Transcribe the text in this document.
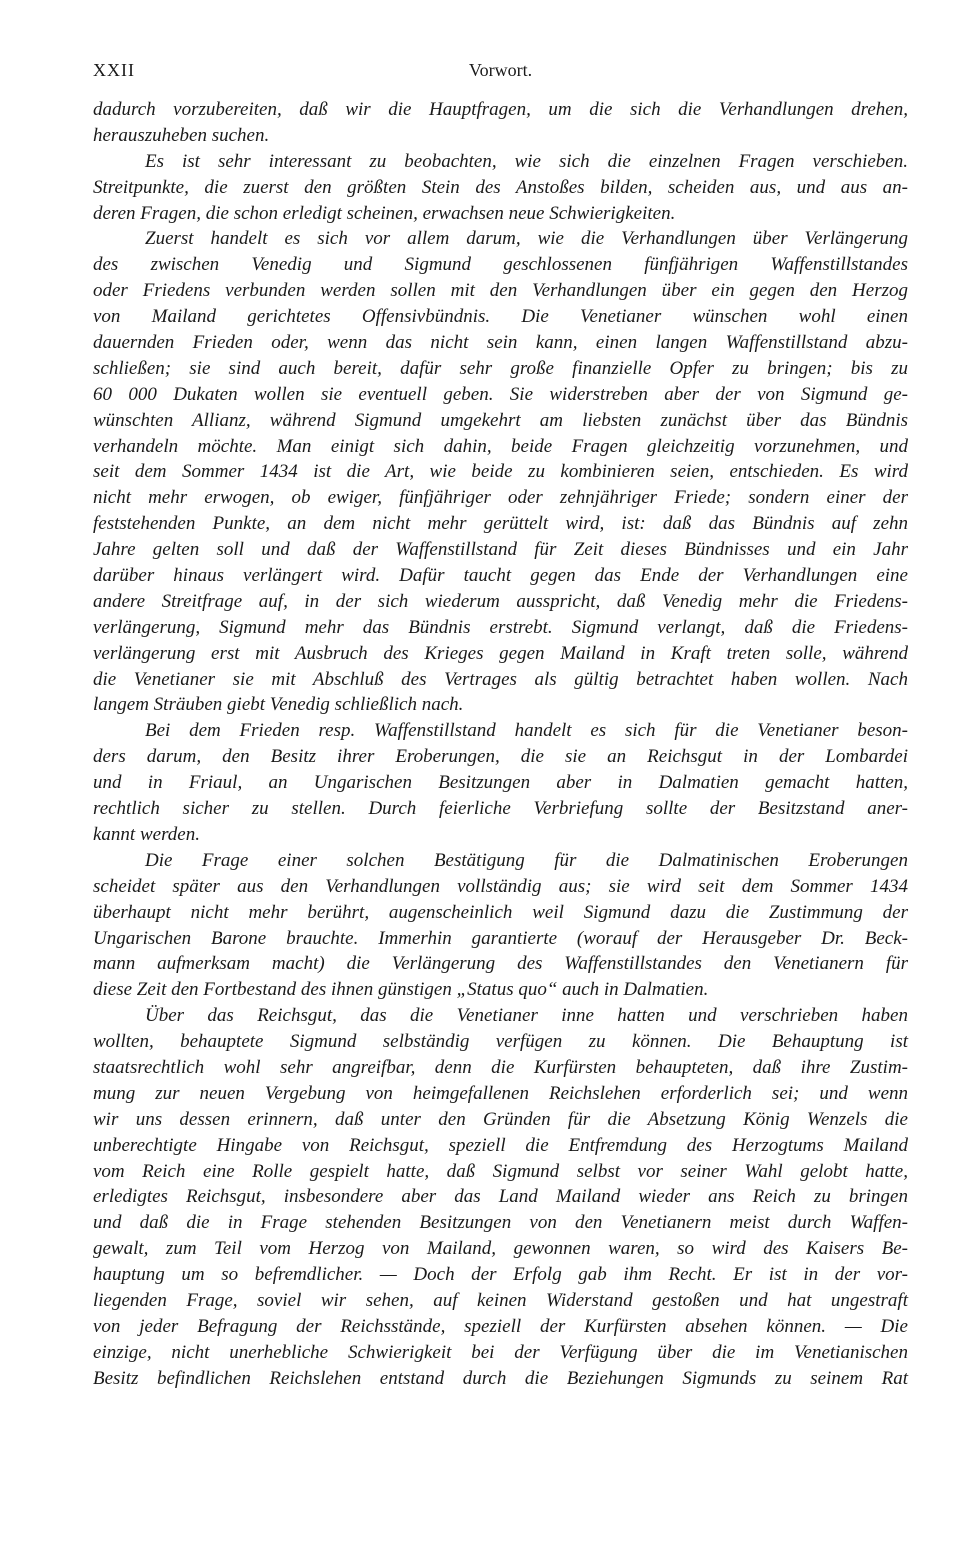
XXII	Vorwort.
dadurch vorzubereiten, daß wir die Hauptfragen, um die sich die Verhandlungen drehen,
herauszuheben suchen.
Es ist sehr interessant zu beobachten, wie sich die einzelnen Fragen verschieben.
Streitpunkte, die zuerst den größten Stein des Anstoßes bilden, scheiden aus, und aus an-
deren Fragen, die schon erledigt scheinen, erwachsen neue Schwierigkeiten.
Zuerst handelt es sich vor allem darum, wie die Verhandlungen über Verlängerung
des zwischen Venedig und Sigmund geschlossenen fünfjährigen Waffenstillstandes
oder Friedens verbunden werden sollen mit den Verhandlungen über ein gegen den Herzog
von Mailand gerichtetes Offensivbündnis. Die Venetianer wünschen wohl einen
dauernden Frieden oder, wenn das nicht sein kann, einen langen Waffenstillstand abzu-
schließen; sie sind auch bereit, dafür sehr große finanzielle Opfer zu bringen; bis zu
60 000 Dukaten wollen sie eventuell geben. Sie widerstreben aber der von Sigmund ge-
wünschten Allianz, während Sigmund umgekehrt am liebsten zunächst über das Bündnis
verhandeln möchte. Man einigt sich dahin, beide Fragen gleichzeitig vorzunehmen, und
seit dem Sommer 1434 ist die Art, wie beide zu kombinieren seien, entschieden. Es wird
nicht mehr erwogen, ob ewiger, fünfjähriger oder zehnjähriger Friede; sondern einer der
feststehenden Punkte, an dem nicht mehr gerüttelt wird, ist: daß das Bündnis auf zehn
Jahre gelten soll und daß der Waffenstillstand für Zeit dieses Bündnisses und ein Jahr
darüber hinaus verlängert wird. Dafür taucht gegen das Ende der Verhandlungen eine
andere Streitfrage auf, in der sich wiederum ausspricht, daß Venedig mehr die Friedens-
verlängerung, Sigmund mehr das Bündnis erstrebt. Sigmund verlangt, daß die Friedens-
verlängerung erst mit Ausbruch des Krieges gegen Mailand in Kraft treten solle, während
die Venetianer sie mit Abschluß des Vertrages als gültig betrachtet haben wollen. Nach
langem Sträuben giebt Venedig schließlich nach.
Bei dem Frieden resp. Waffenstillstand handelt es sich für die Venetianer beson-
ders darum, den Besitz ihrer Eroberungen, die sie an Reichsgut in der Lombardei
und in Friaul, an Ungarischen Besitzungen aber in Dalmatien gemacht hatten,
rechtlich sicher zu stellen. Durch feierliche Verbriefung sollte der Besitzstand aner-
kannt werden.
Die Frage einer solchen Bestätigung für die Dalmatinischen Eroberungen
scheidet später aus den Verhandlungen vollständig aus; sie wird seit dem Sommer 1434
überhaupt nicht mehr berührt, augenscheinlich weil Sigmund dazu die Zustimmung der
Ungarischen Barone brauchte. Immerhin garantierte (worauf der Herausgeber Dr. Beck-
mann aufmerksam macht) die Verlängerung des Waffenstillstandes den Venetianern für
diese Zeit den Fortbestand des ihnen günstigen „Status quo“ auch in Dalmatien.
Über das Reichsgut, das die Venetianer inne hatten und verschrieben haben
wollten, behauptete Sigmund selbständig verfügen zu können. Die Behauptung ist
staatsrechtlich wohl sehr angreifbar, denn die Kurfürsten behaupteten, daß ihre Zustim-
mung zur neuen Vergebung von heimgefallenen Reichslehen erforderlich sei; und wenn
wir uns dessen erinnern, daß unter den Gründen für die Absetzung König Wenzels die
unberechtigte Hingabe von Reichsgut, speziell die Entfremdung des Herzogtums Mailand
vom Reich eine Rolle gespielt hatte, daß Sigmund selbst vor seiner Wahl gelobt hatte,
erledigtes Reichsgut, insbesondere aber das Land Mailand wieder ans Reich zu bringen
und daß die in Frage stehenden Besitzungen von den Venetianern meist durch Waffen-
gewalt, zum Teil vom Herzog von Mailand, gewonnen waren, so wird des Kaisers Be-
hauptung um so befremdlicher. — Doch der Erfolg gab ihm Recht. Er ist in der vor-
liegenden Frage, soviel wir sehen, auf keinen Widerstand gestoßen und hat ungestraft
von jeder Befragung der Reichsstände, speziell der Kurfürsten absehen können. — Die
einzige, nicht unerhebliche Schwierigkeit bei der Verfügung über die im Venetianischen
Besitz befindlichen Reichslehen entstand durch die Beziehungen Sigmunds zu seinem Rat
